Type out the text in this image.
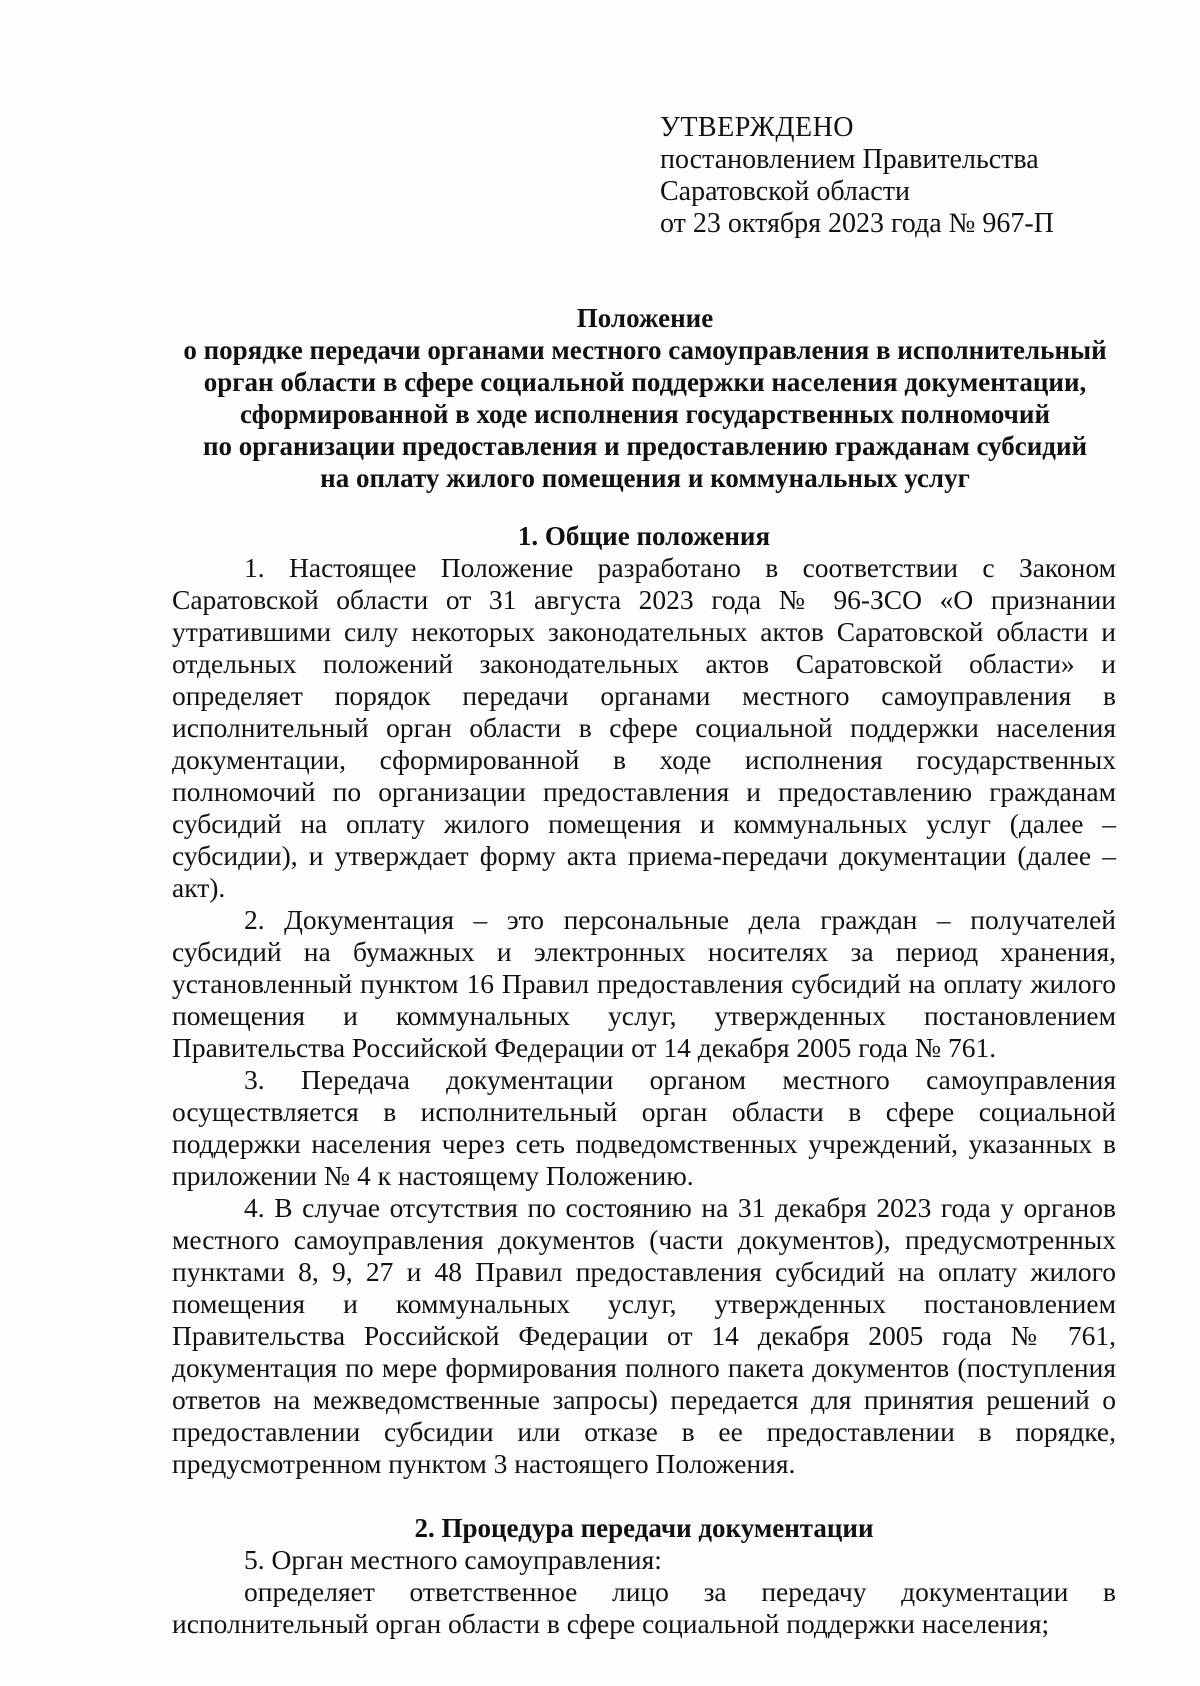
УТВЕРЖДЕНО
постановлением Правительства
Саратовской области
от 23 октября 2023 года № 967-П
Положение
о порядке передачи органами местного самоуправления в исполнительный
орган области в сфере социальной поддержки населения документации,
сформированной в ходе исполнения государственных полномочий
по организации предоставления и предоставлению гражданам субсидий
на оплату жилого помещения и коммунальных услуг
1. Общие положения

1. Настоящее Положение разработано в соответствии с Законом Саратовской области от 31 августа 2023 года № 96-ЗСО «О признании утратившими силу некоторых законодательных актов Саратовской области и отдельных положений законодательных актов Саратовской области» и определяет порядок передачи органами местного самоуправления в исполнительный орган области в сфере социальной поддержки населения документации, сформированной в ходе исполнения государственных полномочий по организации предоставления и предоставлению гражданам субсидий на оплату жилого помещения и коммунальных услуг (далее – субсидии), и утверждает форму акта приема-передачи документации (далее – акт).

2. Документация – это персональные дела граждан – получателей субсидий на бумажных и электронных носителях за период хранения, установленный пунктом 16 Правил предоставления субсидий на оплату жилого помещения и коммунальных услуг, утвержденных постановлением Правительства Российской Федерации от 14 декабря 2005 года № 761.

3. Передача документации органом местного самоуправления осуществляется в исполнительный орган области в сфере социальной поддержки населения через сеть подведомственных учреждений, указанных в приложении № 4 к настоящему Положению.

4. В случае отсутствия по состоянию на 31 декабря 2023 года у органов местного самоуправления документов (части документов), предусмотренных пунктами 8, 9, 27 и 48 Правил предоставления субсидий на оплату жилого помещения и коммунальных услуг, утвержденных постановлением Правительства Российской Федерации от 14 декабря 2005 года № 761, документация по мере формирования полного пакета документов (поступления ответов на межведомственные запросы) передается для принятия решений о предоставлении субсидии или отказе в ее предоставлении в порядке, предусмотренном пунктом 3 настоящего Положения.

2. Процедура передачи документации

5. Орган местного самоуправления:

определяет ответственное лицо за передачу документации в исполнительный орган области в сфере социальной поддержки населения;
